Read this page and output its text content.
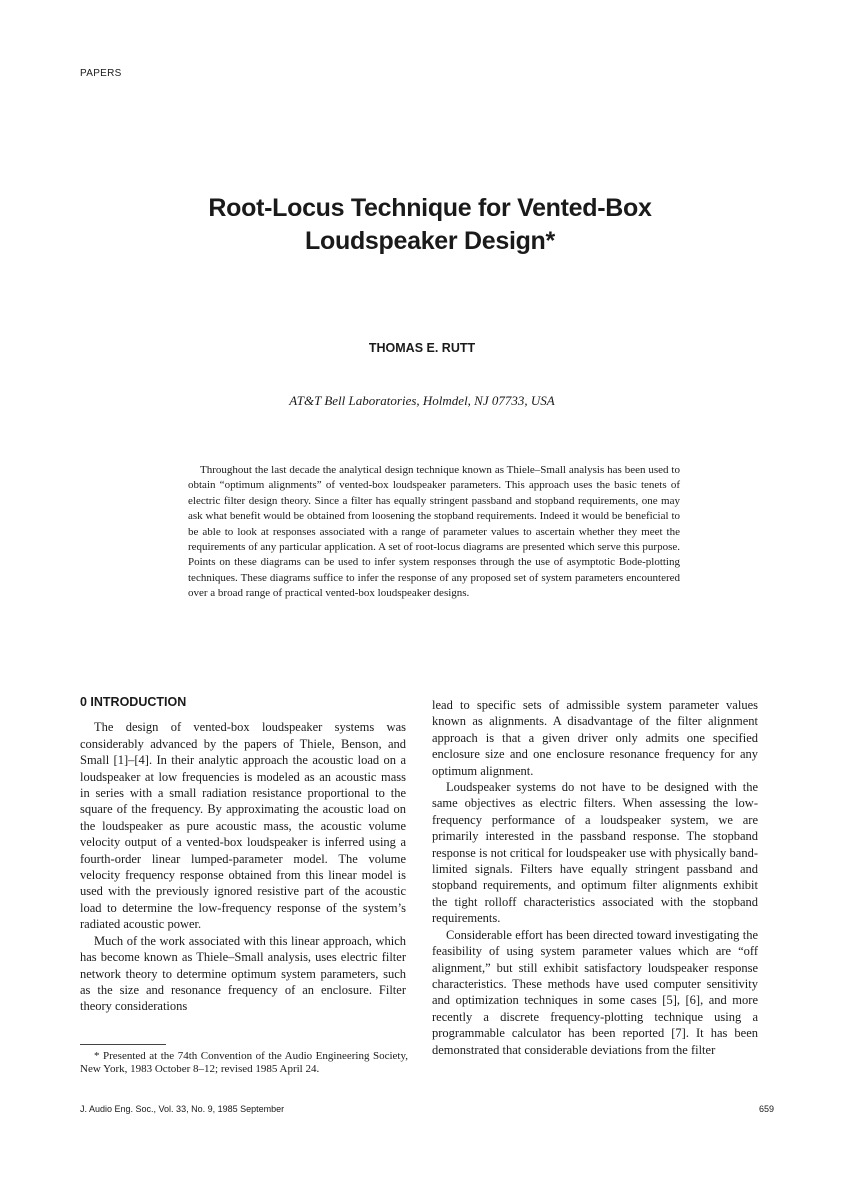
PAPERS
Root-Locus Technique for Vented-Box
Loudspeaker Design*
THOMAS E. RUTT
AT&T Bell Laboratories, Holmdel, NJ 07733, USA

Throughout the last decade the analytical design technique known as Thiele–Small analysis has been used to obtain “optimum alignments” of vented-box loudspeaker parameters. This approach uses the basic tenets of electric filter design theory. Since a filter has equally stringent passband and stopband requirements, one may ask what benefit would be obtained from loosening the stopband requirements. Indeed it would be beneficial to be able to look at responses associated with a range of parameter values to ascertain whether they meet the requirements of any particular application. A set of root-locus diagrams are presented which serve this purpose. Points on these diagrams can be used to infer system responses through the use of asymptotic Bode-plotting techniques. These diagrams suffice to infer the response of any proposed set of system parameters encountered over a broad range of practical vented-box loudspeaker designs.

0 INTRODUCTION

The design of vented-box loudspeaker systems was considerably advanced by the papers of Thiele, Benson, and Small [1]–[4]. In their analytic approach the acoustic load on a loudspeaker at low frequencies is modeled as an acoustic mass in series with a small radiation resistance proportional to the square of the frequency. By approximating the acoustic load on the loudspeaker as pure acoustic mass, the acoustic volume velocity output of a vented-box loudspeaker is inferred using a fourth-order linear lumped-parameter model. The volume velocity frequency response obtained from this linear model is used with the previously ignored resistive part of the acoustic load to determine the low-frequency response of the system’s radiated acoustic power.

Much of the work associated with this linear approach, which has become known as Thiele–Small analysis, uses electric filter network theory to determine optimum system parameters, such as the size and resonance frequency of an enclosure. Filter theory considerations

lead to specific sets of admissible system parameter values known as alignments. A disadvantage of the filter alignment approach is that a given driver only admits one specified enclosure size and one enclosure resonance frequency for any optimum alignment.

Loudspeaker systems do not have to be designed with the same objectives as electric filters. When assessing the low-frequency performance of a loudspeaker system, we are primarily interested in the passband response. The stopband response is not critical for loudspeaker use with physically band-limited signals. Filters have equally stringent passband and stopband requirements, and optimum filter alignments exhibit the tight rolloff characteristics associated with the stopband requirements.

Considerable effort has been directed toward investigating the feasibility of using system parameter values which are “off alignment,” but still exhibit satisfactory loudspeaker response characteristics. These methods have used computer sensitivity and optimization techniques in some cases [5], [6], and more recently a discrete frequency-plotting technique using a programmable calculator has been reported [7]. It has been demonstrated that considerable deviations from the filter

* Presented at the 74th Convention of the Audio Engineering Society, New York, 1983 October 8–12; revised 1985 April 24.
J. Audio Eng. Soc., Vol. 33, No. 9, 1985 September	659
